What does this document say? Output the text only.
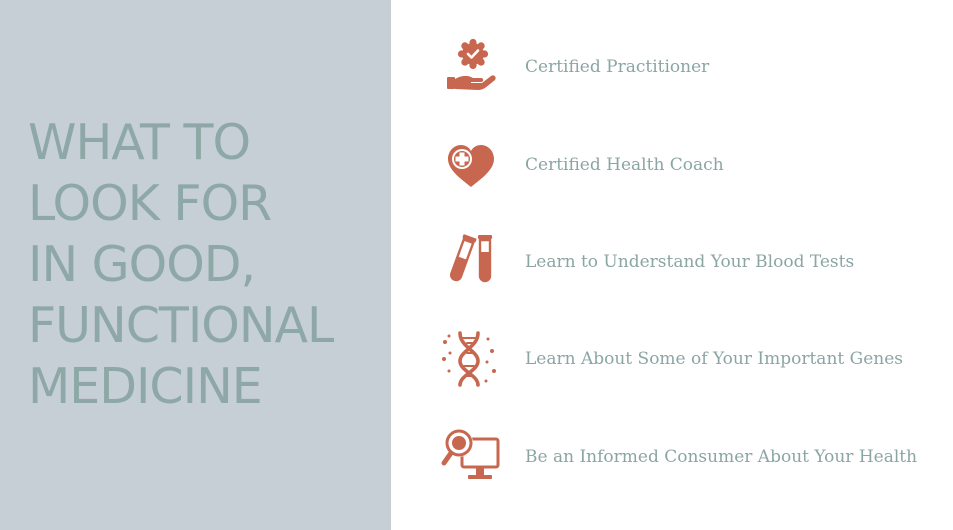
WHAT TO
LOOK FOR
IN GOOD,
FUNCTIONAL
MEDICINE
Certified Practitioner
Certified Health Coach
Learn to Understand Your Blood Tests
Learn About Some of Your Important Genes
Be an Informed Consumer About Your Health
